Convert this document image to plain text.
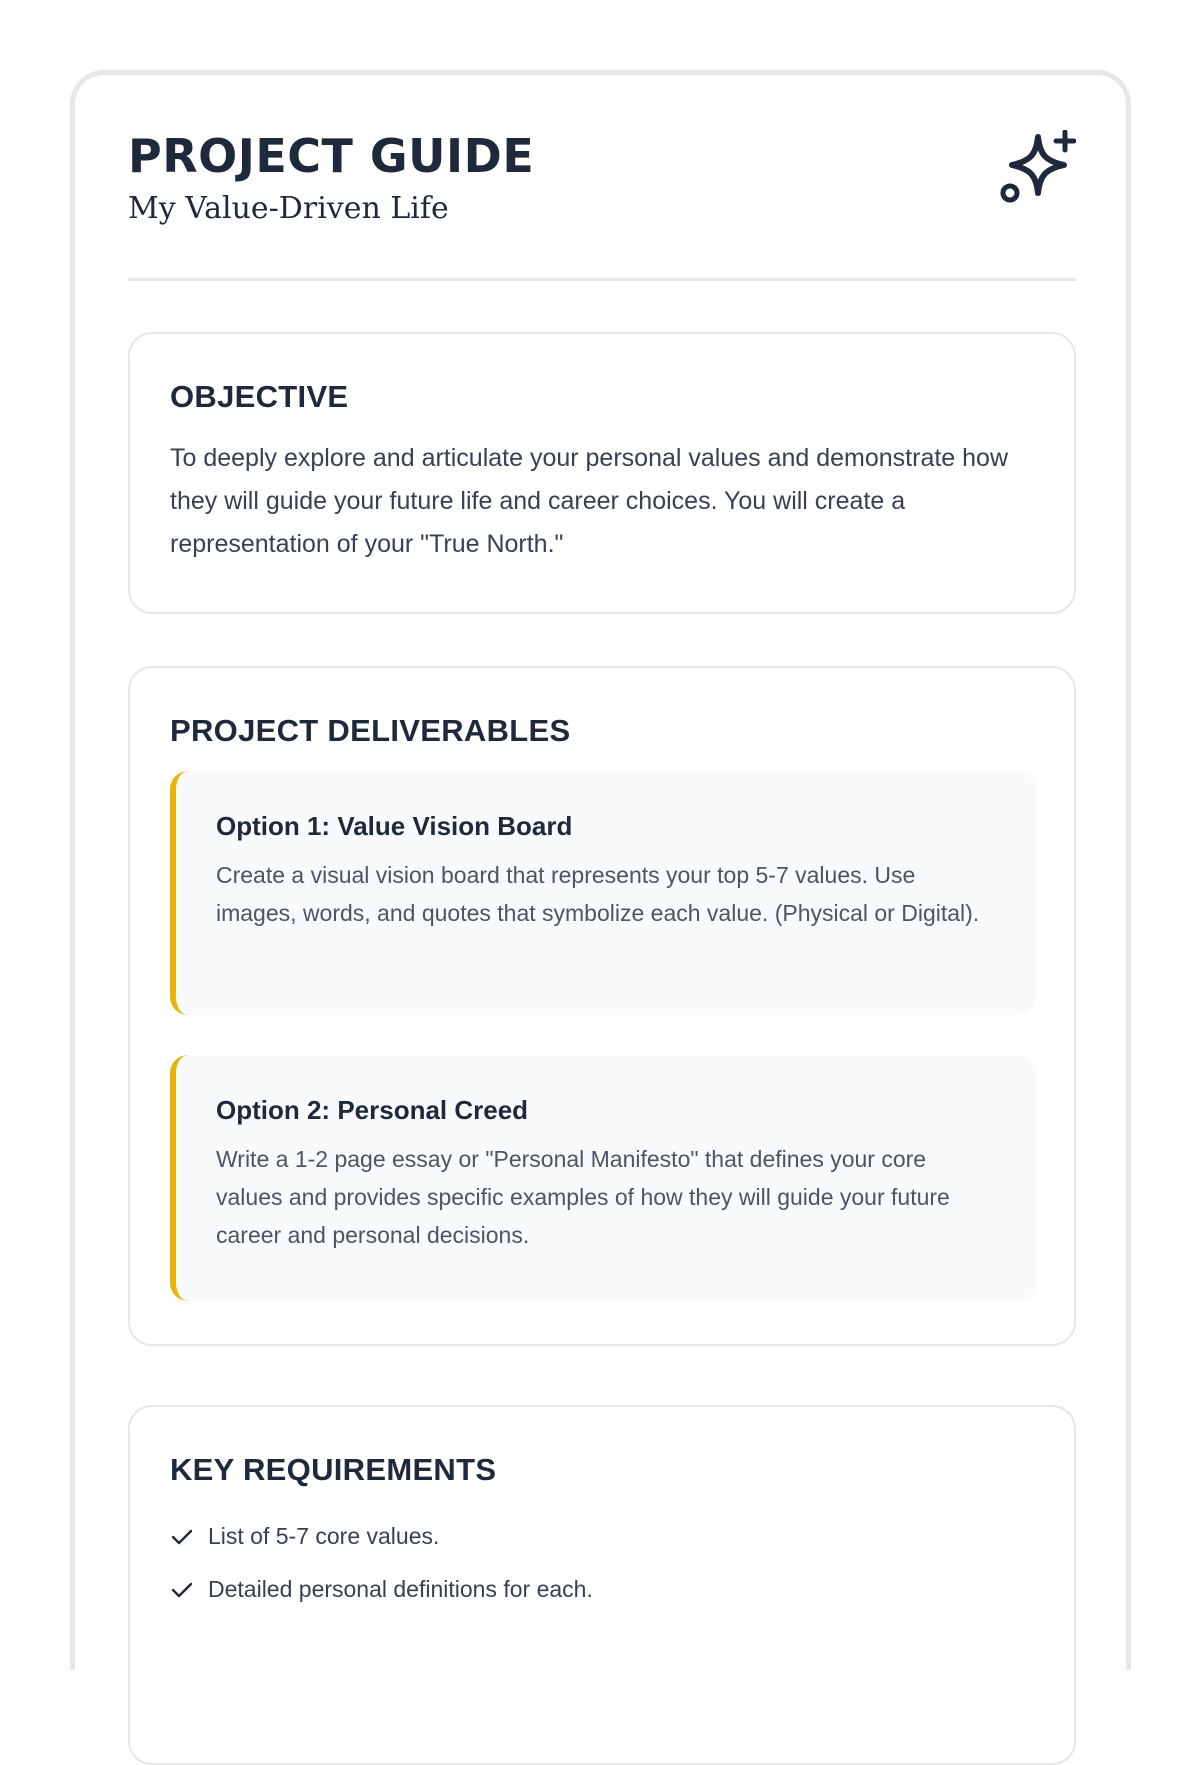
PROJECT GUIDE
My Value-Driven Life
OBJECTIVE

To deeply explore and articulate your personal values and demonstrate how they will guide your future life and career choices. You will create a representation of your "True North."

PROJECT DELIVERABLES
Option 1: Value Vision Board

Create a visual vision board that represents your top 5-7 values. Use images, words, and quotes that symbolize each value. (Physical or Digital).

Option 2: Personal Creed

Write a 1-2 page essay or "Personal Manifesto" that defines your core values and provides specific examples of how they will guide your future career and personal decisions.

KEY REQUIREMENTS
List of 5-7 core values.
Detailed personal definitions for each.
